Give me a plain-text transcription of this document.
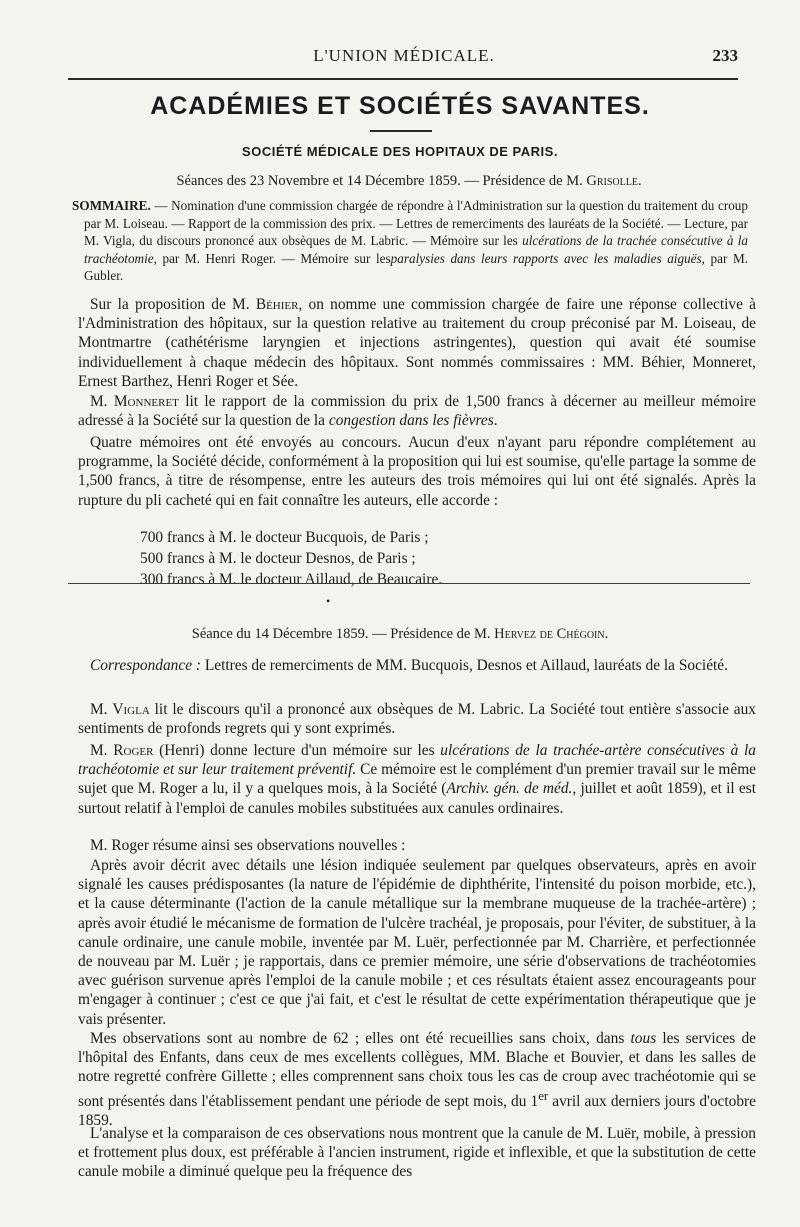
L'UNION MÉDICALE.	233
ACADÉMIES ET SOCIÉTÉS SAVANTES.
SOCIÉTÉ MÉDICALE DES HOPITAUX DE PARIS.
Séances des 23 Novembre et 14 Décembre 1859. — Présidence de M. Grisolle.
SOMMAIRE. — Nomination d'une commission chargée de répondre à l'Administration sur la question du traitement du croup par M. Loiseau. — Rapport de la commission des prix. — Lettres de remerciments des lauréats de la Société. — Lecture, par M. Vigla, du discours prononcé aux obsèques de M. Labric. — Mémoire sur les ulcérations de la trachée consécutive à la trachéotomie, par M. Henri Roger. — Mémoire sur lesparalysies dans leurs rapports avec les maladies aiguës, par M. Gubler.

Sur la proposition de M. Béhier, on nomme une commission chargée de faire une réponse collective à l'Administration des hôpitaux, sur la question relative au traitement du croup préconisé par M. Loiseau, de Montmartre (cathétérisme laryngien et injections astringentes), question qui avait été soumise individuellement à chaque médecin des hôpitaux. Sont nommés commissaires : MM. Béhier, Monneret, Ernest Barthez, Henri Roger et Sée.

M. Monneret lit le rapport de la commission du prix de 1,500 francs à décerner au meilleur mémoire adressé à la Société sur la question de la congestion dans les fièvres.

Quatre mémoires ont été envoyés au concours. Aucun d'eux n'ayant paru répondre complétement au programme, la Société décide, conformément à la proposition qui lui est soumise, qu'elle partage la somme de 1,500 francs, à titre de résompense, entre les auteurs des trois mémoires qui lui ont été signalés. Après la rupture du pli cacheté qui en fait connaître les auteurs, elle accorde :

700 francs à M. le docteur Bucquois, de Paris ;
500 francs à M. le docteur Desnos, de Paris ;
300 francs à M. le docteur Aillaud, de Beaucaire.
•
Séance du 14 Décembre 1859. — Présidence de M. Hervez de Chégoin.

Correspondance : Lettres de remerciments de MM. Bucquois, Desnos et Aillaud, lauréats de la Société.

M. Vigla lit le discours qu'il a prononcé aux obsèques de M. Labric. La Société tout entière s'associe aux sentiments de profonds regrets qui y sont exprimés.

M. Roger (Henri) donne lecture d'un mémoire sur les ulcérations de la trachée-artère consécutives à la trachéotomie et sur leur traitement préventif. Ce mémoire est le complément d'un premier travail sur le même sujet que M. Roger a lu, il y a quelques mois, à la Société (Archiv. gén. de méd., juillet et août 1859), et il est surtout relatif à l'emploi de canules mobiles substituées aux canules ordinaires.

M. Roger résume ainsi ses observations nouvelles :

Après avoir décrit avec détails une lésion indiquée seulement par quelques observateurs, après en avoir signalé les causes prédisposantes (la nature de l'épidémie de diphthérite, l'intensité du poison morbide, etc.), et la cause déterminante (l'action de la canule métallique sur la membrane muqueuse de la trachée-artère) ; après avoir étudié le mécanisme de formation de l'ulcère trachéal, je proposais, pour l'éviter, de substituer, à la canule ordinaire, une canule mobile, inventée par M. Luër, perfectionnée par M. Charrière, et perfectionnée de nouveau par M. Luër ; je rapportais, dans ce premier mémoire, une série d'observations de trachéotomies avec guérison survenue après l'emploi de la canule mobile ; et ces résultats étaient assez encourageants pour m'engager à continuer ; c'est ce que j'ai fait, et c'est le résultat de cette expérimentation thérapeutique que je vais présenter.

Mes observations sont au nombre de 62 ; elles ont été recueillies sans choix, dans tous les services de l'hôpital des Enfants, dans ceux de mes excellents collègues, MM. Blache et Bouvier, et dans les salles de notre regretté confrère Gillette ; elles comprennent sans choix tous les cas de croup avec trachéotomie qui se sont présentés dans l'établissement pendant une période de sept mois, du 1er avril aux derniers jours d'octobre 1859.

L'analyse et la comparaison de ces observations nous montrent que la canule de M. Luër, mobile, à pression et frottement plus doux, est préférable à l'ancien instrument, rigide et inflexible, et que la substitution de cette canule mobile a diminué quelque peu la fréquence des
